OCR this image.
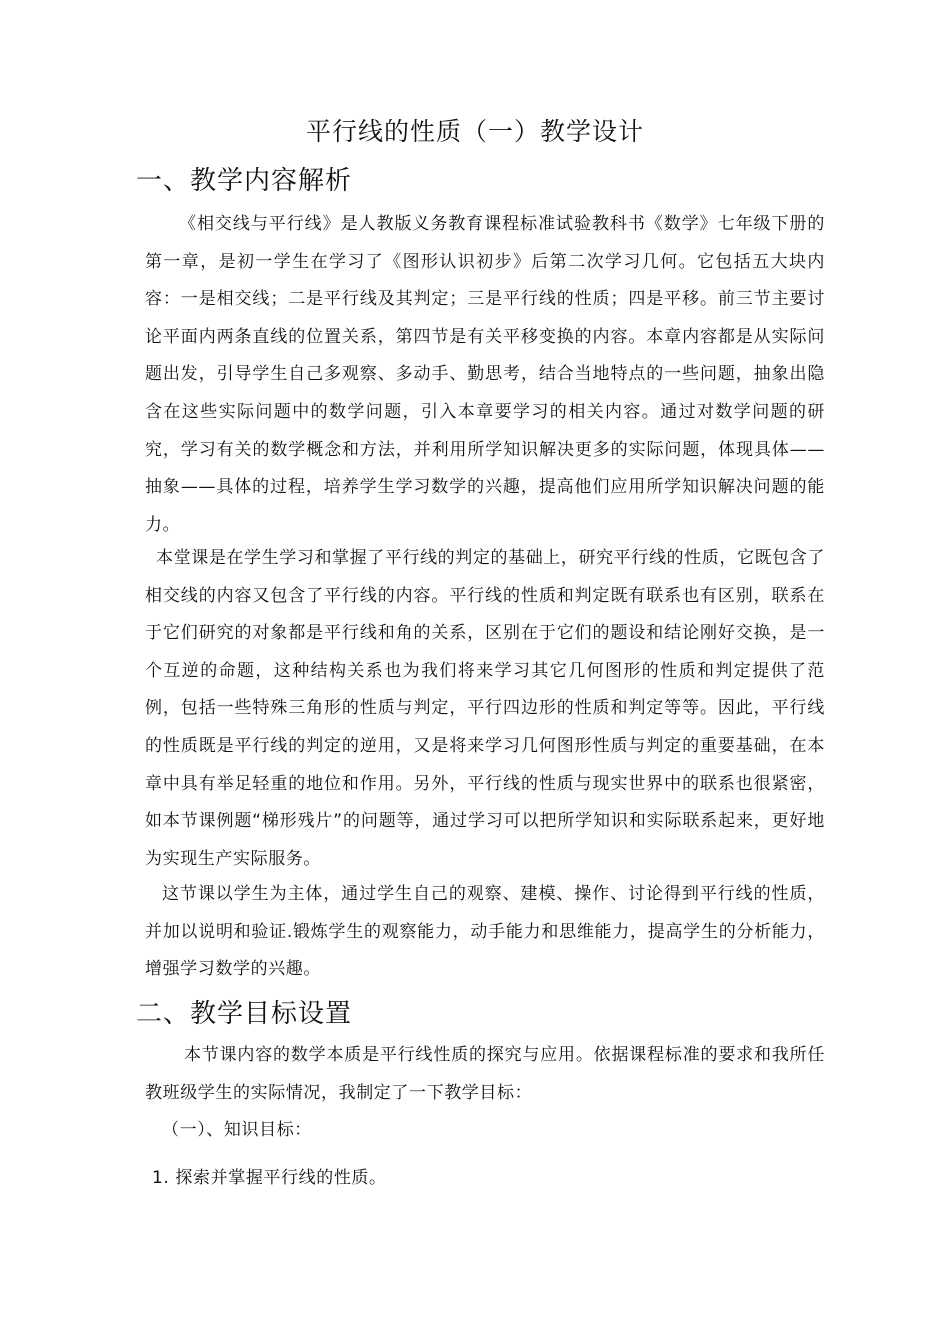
平行线的性质（一）教学设计
一、教学内容解析

《相交线与平行线》是人教版义务教育课程标准试验教科书《数学》七年级下册的第一章，是初一学生在学习了《图形认识初步》后第二次学习几何。它包括五大块内容：一是相交线；二是平行线及其判定；三是平行线的性质；四是平移。前三节主要讨论平面内两条直线的位置关系，第四节是有关平移变换的内容。本章内容都是从实际问题出发，引导学生自己多观察、多动手、勤思考，结合当地特点的一些问题，抽象出隐含在这些实际问题中的数学问题，引入本章要学习的相关内容。通过对数学问题的研究，学习有关的数学概念和方法，并利用所学知识解决更多的实际问题，体现具体——抽象——具体的过程，培养学生学习数学的兴趣，提高他们应用所学知识解决问题的能力。

本堂课是在学生学习和掌握了平行线的判定的基础上，研究平行线的性质，它既包含了相交线的内容又包含了平行线的内容。平行线的性质和判定既有联系也有区别，联系在于它们研究的对象都是平行线和角的关系，区别在于它们的题设和结论刚好交换，是一个互逆的命题，这种结构关系也为我们将来学习其它几何图形的性质和判定提供了范例，包括一些特殊三角形的性质与判定，平行四边形的性质和判定等等。因此，平行线的性质既是平行线的判定的逆用，又是将来学习几何图形性质与判定的重要基础，在本章中具有举足轻重的地位和作用。另外，平行线的性质与现实世界中的联系也很紧密，如本节课例题“梯形残片”的问题等，通过学习可以把所学知识和实际联系起来，更好地为实现生产实际服务。

这节课以学生为主体，通过学生自己的观察、建模、操作、讨论得到平行线的性质，并加以说明和验证.锻炼学生的观察能力，动手能力和思维能力，提高学生的分析能力，增强学习数学的兴趣。

二、教学目标设置

本节课内容的数学本质是平行线性质的探究与应用。依据课程标准的要求和我所任教班级学生的实际情况，我制定了一下教学目标：

（一）、知识目标：

1. 探索并掌握平行线的性质。
